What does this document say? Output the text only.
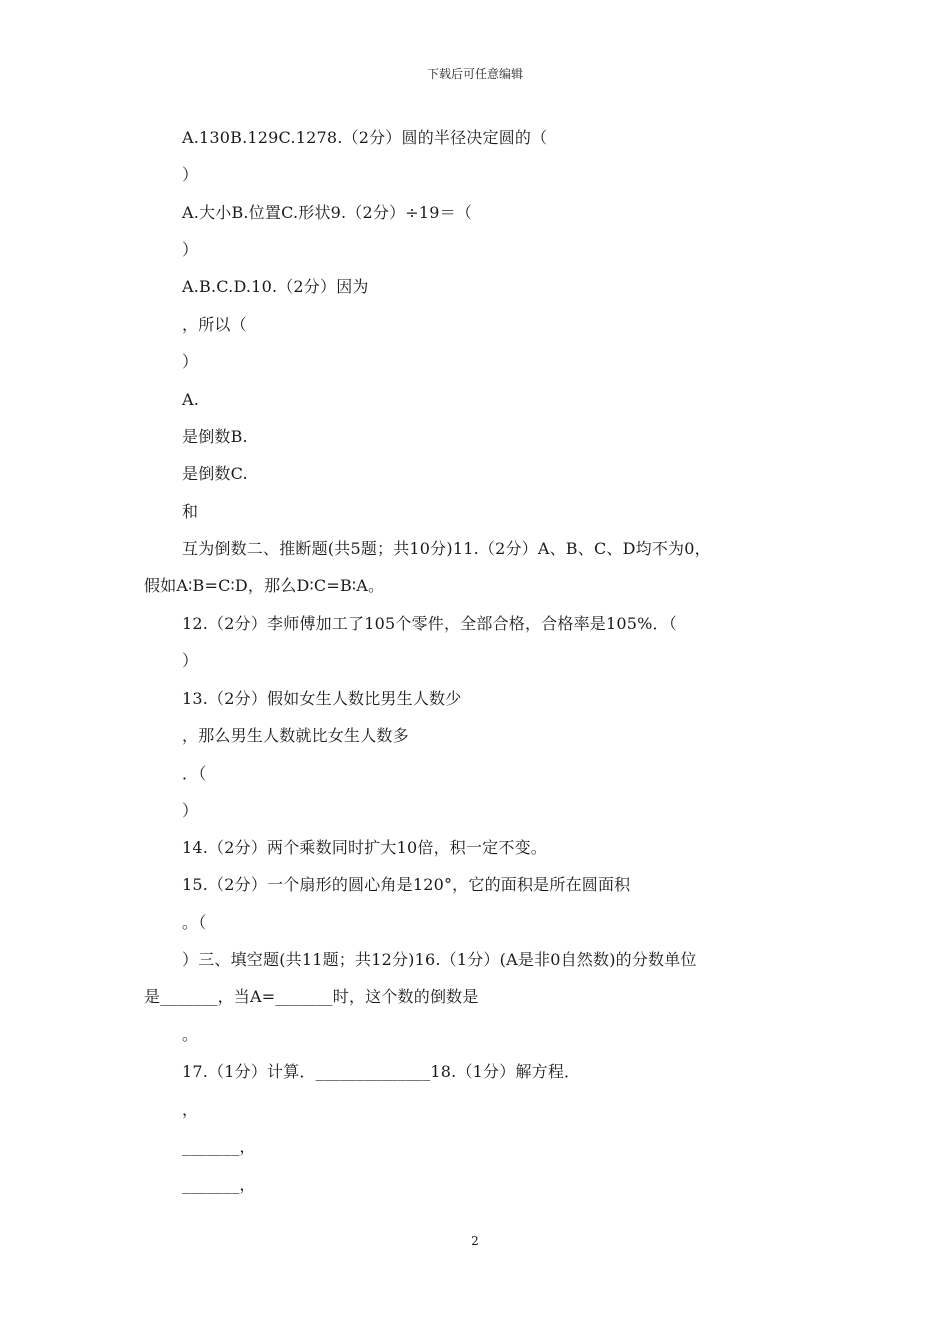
下载后可任意编辑
A.130B.129C.1278.（2分）圆的半径决定圆的（
）
A.大小B.位置C.形状9.（2分）÷19＝（
）
A.B.C.D.10.（2分）因为
，所以（
）
A.
是倒数B.
是倒数C.
和
互为倒数二、推断题(共5题；共10分)11.（2分）A、B、C、D均不为0，
假如A∶B=C∶D，那么D∶C=B∶A。
12.（2分）李师傅加工了105个零件，全部合格，合格率是105%．（
）
13.（2分）假如女生人数比男生人数少
，那么男生人数就比女生人数多
．（
）
14.（2分）两个乘数同时扩大10倍，积一定不变。
15.（2分）一个扇形的圆心角是120°，它的面积是所在圆面积
。（
）三、填空题(共11题；共12分)16.（1分）(A是非0自然数)的分数单位
是_______，当A=_______时，这个数的倒数是
。
17.（1分）计算．______________18.（1分）解方程．
，
_______，
_______，
2
